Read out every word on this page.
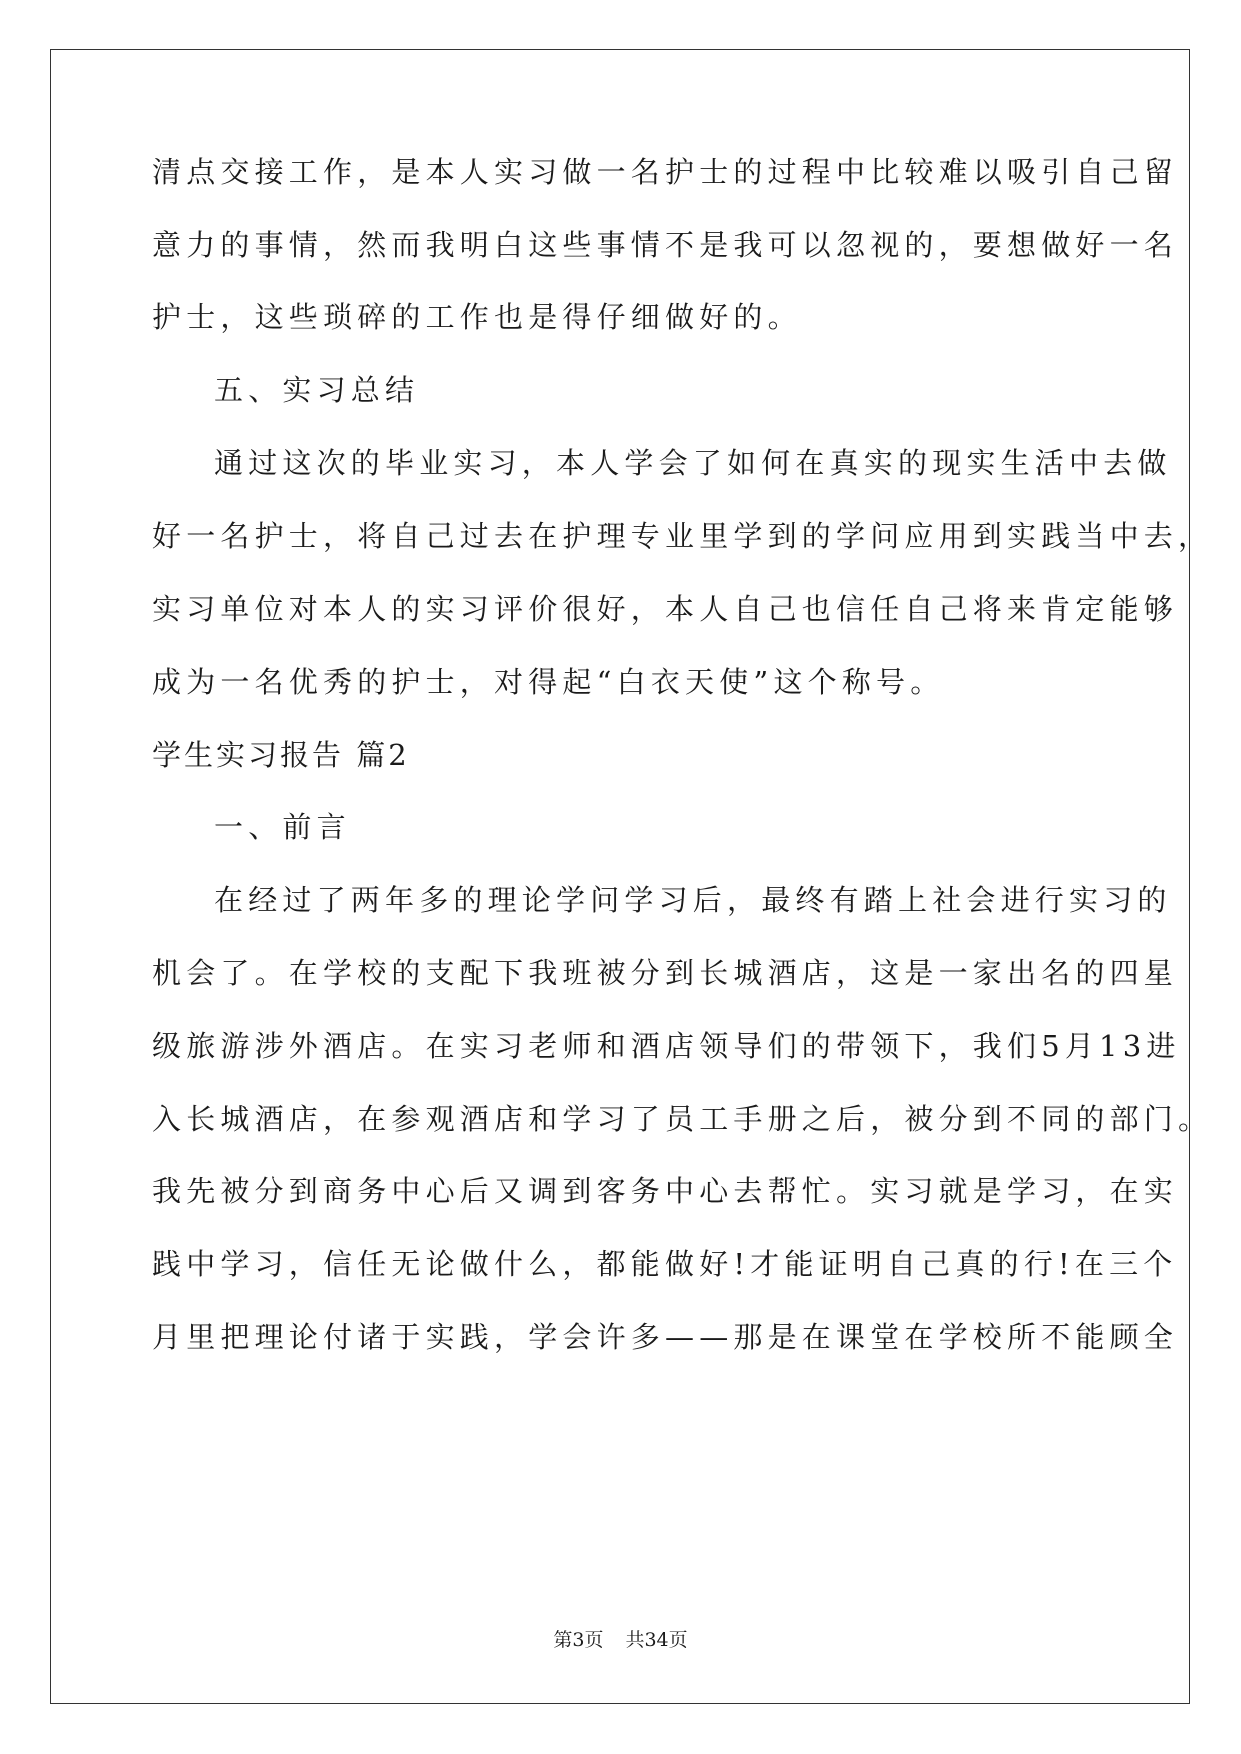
清点交接工作，是本人实习做一名护士的过程中比较难以吸引自己留
意力的事情，然而我明白这些事情不是我可以忽视的，要想做好一名
护士，这些琐碎的工作也是得仔细做好的。
五、实习总结
通过这次的毕业实习，本人学会了如何在真实的现实生活中去做
好一名护士，将自己过去在护理专业里学到的学问应用到实践当中去，
实习单位对本人的实习评价很好，本人自己也信任自己将来肯定能够
成为一名优秀的护士，对得起“白衣天使”这个称号。
学生实习报告 篇2
一、前言
在经过了两年多的理论学问学习后，最终有踏上社会进行实习的
机会了。在学校的支配下我班被分到长城酒店，这是一家出名的四星
级旅游涉外酒店。在实习老师和酒店领导们的带领下，我们5月13进
入长城酒店，在参观酒店和学习了员工手册之后，被分到不同的部门。
我先被分到商务中心后又调到客务中心去帮忙。实习就是学习，在实
践中学习，信任无论做什么，都能做好!才能证明自己真的行!在三个
月里把理论付诸于实践，学会许多——那是在课堂在学校所不能顾全
第3页 共34页
